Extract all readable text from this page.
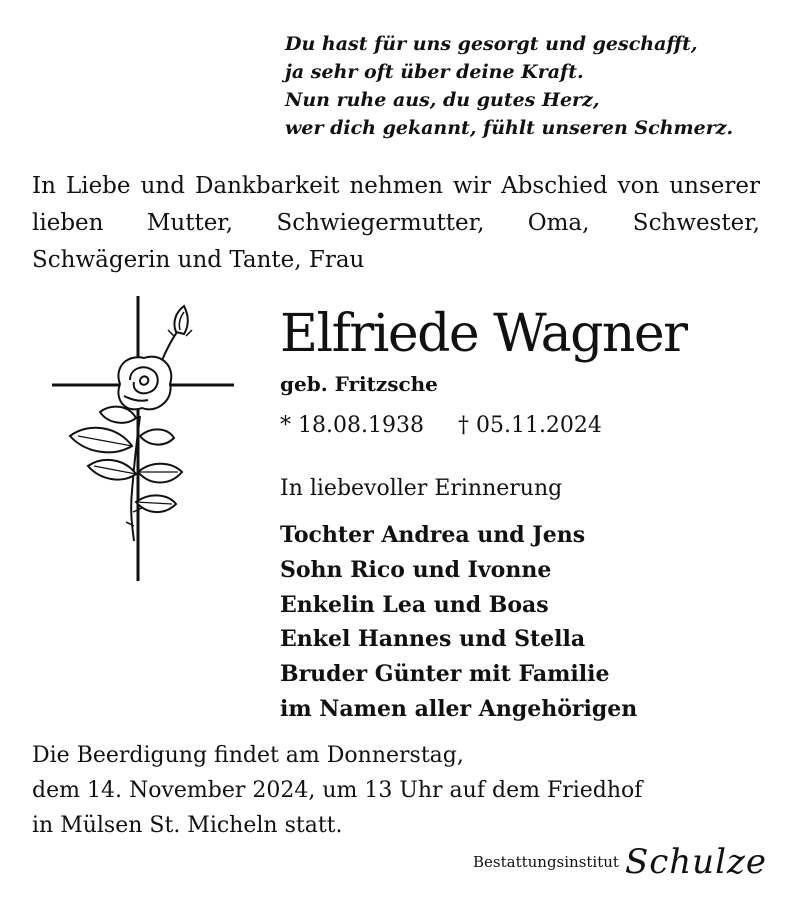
Du hast für uns gesorgt und geschafft,
ja sehr oft über deine Kraft.
Nun ruhe aus, du gutes Herz,
wer dich gekannt, fühlt unseren Schmerz.
In Liebe und Dankbarkeit nehmen wir Abschied von unserer lieben Mutter, Schwiegermutter, Oma, Schwester, Schwägerin und Tante, Frau
Elfriede Wagner
geb. Fritzsche
* 18.08.1938 † 05.11.2024
In liebevoller Erinnerung
Tochter Andrea und Jens
Sohn Rico und Ivonne
Enkelin Lea und Boas
Enkel Hannes und Stella
Bruder Günter mit Familie
im Namen aller Angehörigen
Die Beerdigung findet am Donnerstag,
dem 14. November 2024, um 13 Uhr auf dem Friedhof
in Mülsen St. Micheln statt.
Bestattungsinstitut Schulze
